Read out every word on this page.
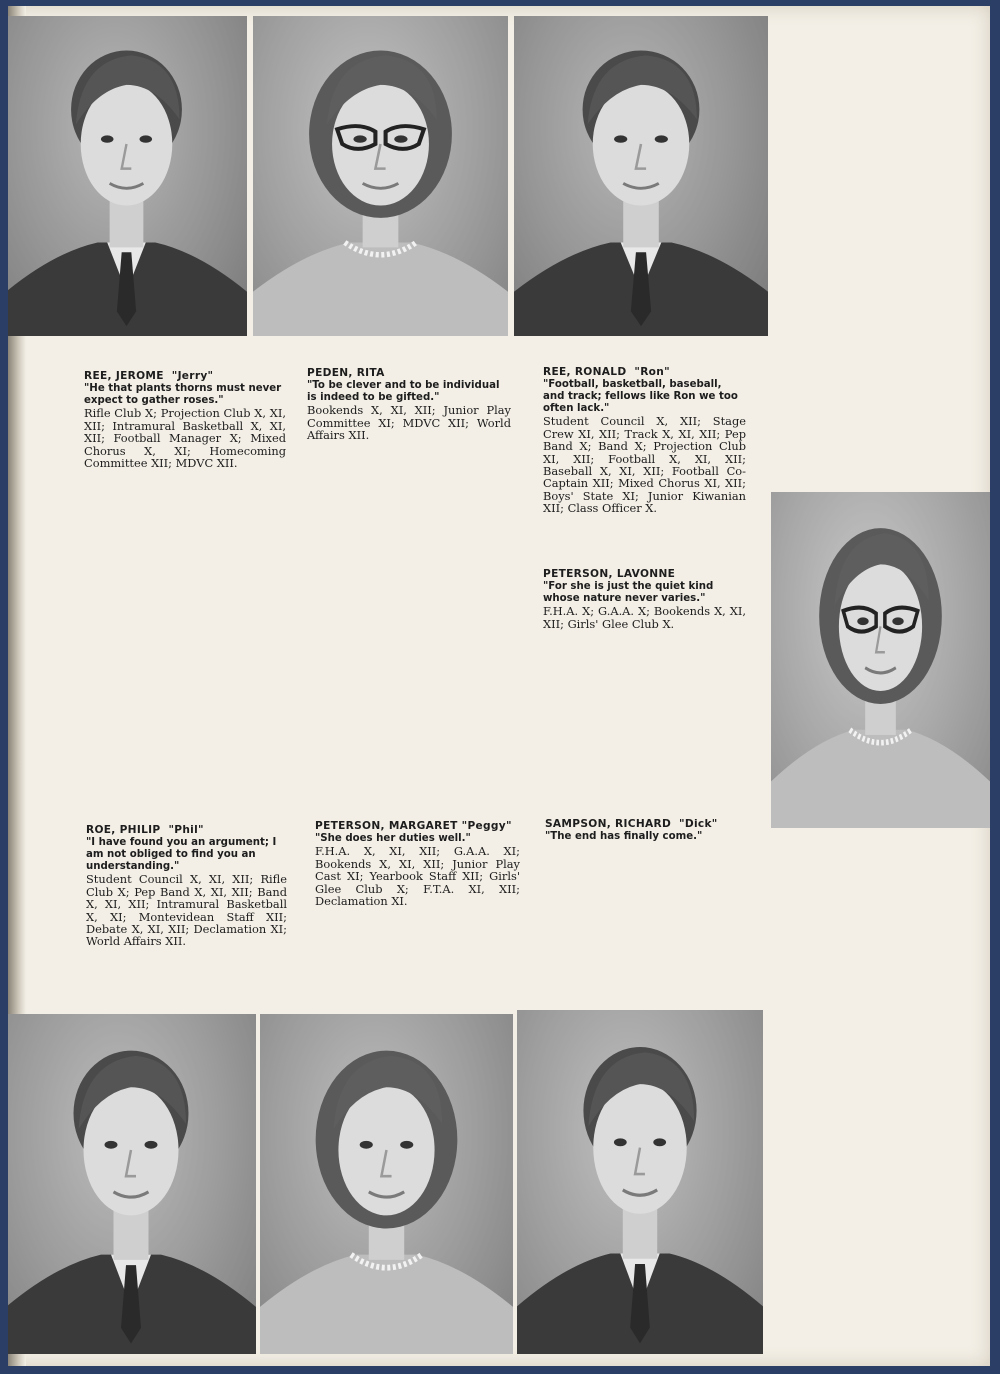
REE, JEROME "Jerry"
"He that plants thorns must never expect to gather roses."
Rifle Club X; Projection Club X, XI, XII; Intramural Basketball X, XI, XII; Football Manager X; Mixed Chorus X, XI; Homecoming Committee XII; MDVC XII.
PEDEN, RITA
"To be clever and to be individual is indeed to be gifted."
Bookends X, XI, XII; Junior Play Committee XI; MDVC XII; World Affairs XII.
REE, RONALD "Ron"
"Football, basketball, baseball, and track; fellows like Ron we too often lack."
Student Council X, XII; Stage Crew XI, XII; Track X, XI, XII; Pep Band X; Band X; Projection Club XI, XII; Football X, XI, XII; Baseball X, XI, XII; Football Co-Captain XII; Mixed Chorus XI, XII; Boys' State XI; Junior Kiwanian XII; Class Officer X.
PETERSON, LAVONNE
"For she is just the quiet kind whose nature never varies."
F.H.A. X; G.A.A. X; Bookends X, XI, XII; Girls' Glee Club X.
ROE, PHILIP "Phil"
"I have found you an argument; I am not obliged to find you an understanding."
Student Council X, XI, XII; Rifle Club X; Pep Band X, XI, XII; Band X, XI, XII; Intramural Basketball X, XI; Montevidean Staff XII; Debate X, XI, XII; Declamation XI; World Affairs XII.
PETERSON, MARGARET "Peggy"
"She does her duties well."
F.H.A. X, XI, XII; G.A.A. XI; Bookends X, XI, XII; Junior Play Cast XI; Yearbook Staff XII; Girls' Glee Club X; F.T.A. XI, XII; Declamation XI.
SAMPSON, RICHARD "Dick"
"The end has finally come."
